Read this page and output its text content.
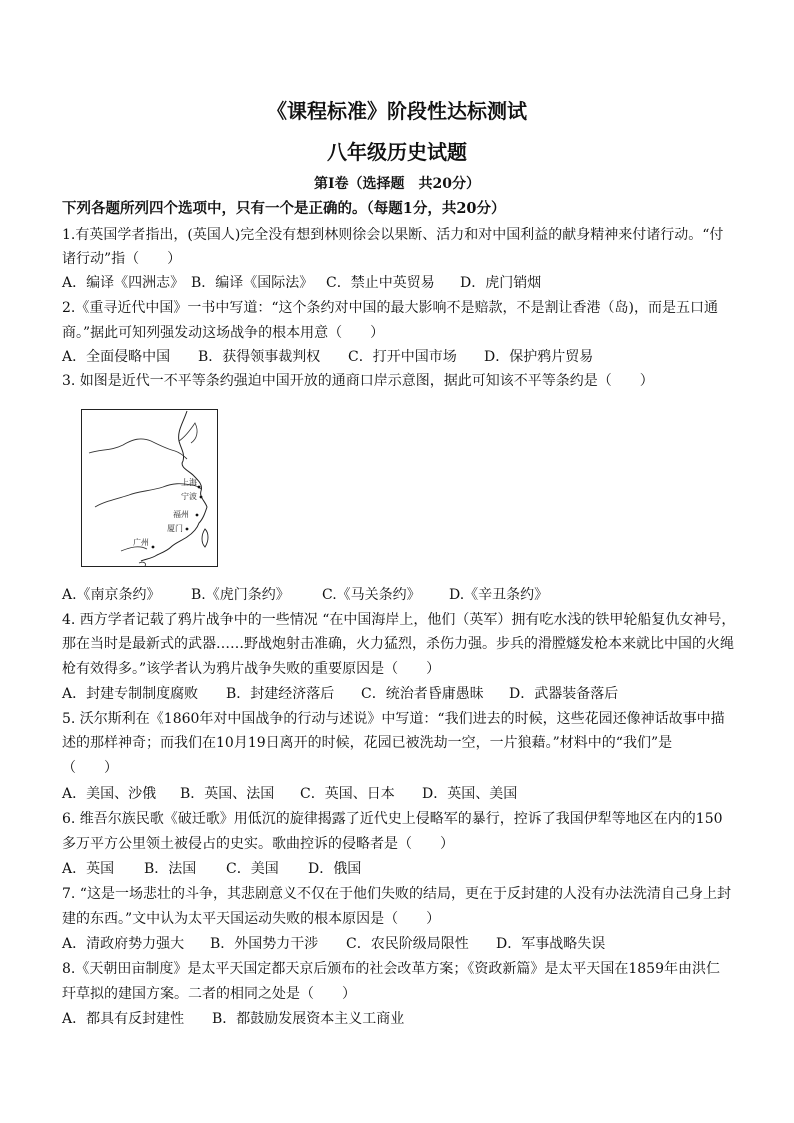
《课程标准》阶段性达标测试
八年级历史试题
第Ⅰ卷（选择题　共20分）
下列各题所列四个选项中，只有一个是正确的。（每题1分，共20分）
1.有英国学者指出，(英国人)完全没有想到林则徐会以果断、活力和对中国利益的献身精神来付诸行动。“付
诸行动”指（　　）
A．编译《四洲志》 B．编译《国际法》 C．禁止中英贸易 D．虎门销烟
2.《重寻近代中国》一书中写道：“这个条约对中国的最大影响不是赔款，不是割让香港（岛)，而是五口通
商。”据此可知列强发动这场战争的根本用意（　　）
A．全面侵略中国 B．获得领事裁判权 C．打开中国市场 D．保护鸦片贸易
3. 如图是近代一不平等条约强迫中国开放的通商口岸示意图，据此可知该不平等条约是（　　）
上海
宁波
福州
厦门
广州
A.《南京条约》 B.《虎门条约》 C.《马关条约》 D.《辛丑条约》
4. 西方学者记载了鸦片战争中的一些情况 “在中国海岸上，他们（英军）拥有吃水浅的铁甲轮船复仇女神号，
那在当时是最新式的武器……野战炮射击准确，火力猛烈，杀伤力强。步兵的滑膛燧发枪本来就比中国的火绳
枪有效得多。”该学者认为鸦片战争失败的重要原因是（　　）
A．封建专制制度腐败 B．封建经济落后 C．统治者昏庸愚昧 D．武器装备落后
5. 沃尔斯利在《1860年对中国战争的行动与述说》中写道：“我们进去的时候，这些花园还像神话故事中描
述的那样神奇；而我们在10月19日离开的时候，花园已被洗劫一空，一片狼藉。”材料中的“我们”是
（　　）
A．美国、沙俄 B．英国、法国 C．英国、日本 D．英国、美国
6. 维吾尔族民歌《破迁歌》用低沉的旋律揭露了近代史上侵略军的暴行，控诉了我国伊犁等地区在内的150
多万平方公里领土被侵占的史实。歌曲控诉的侵略者是（　　）
A．英国 B．法国 C．美国 D．俄国
7. “这是一场悲壮的斗争，其悲剧意义不仅在于他们失败的结局，更在于反封建的人没有办法洗清自己身上封
建的东西。”文中认为太平天国运动失败的根本原因是（　　）
A．清政府势力强大 B．外国势力干涉 C．农民阶级局限性 D．军事战略失误
8.《天朝田亩制度》是太平天国定都天京后颁布的社会改革方案；《资政新篇》是太平天国在1859年由洪仁
玕草拟的建国方案。二者的相同之处是（　　）
A．都具有反封建性 B．都鼓励发展资本主义工商业
